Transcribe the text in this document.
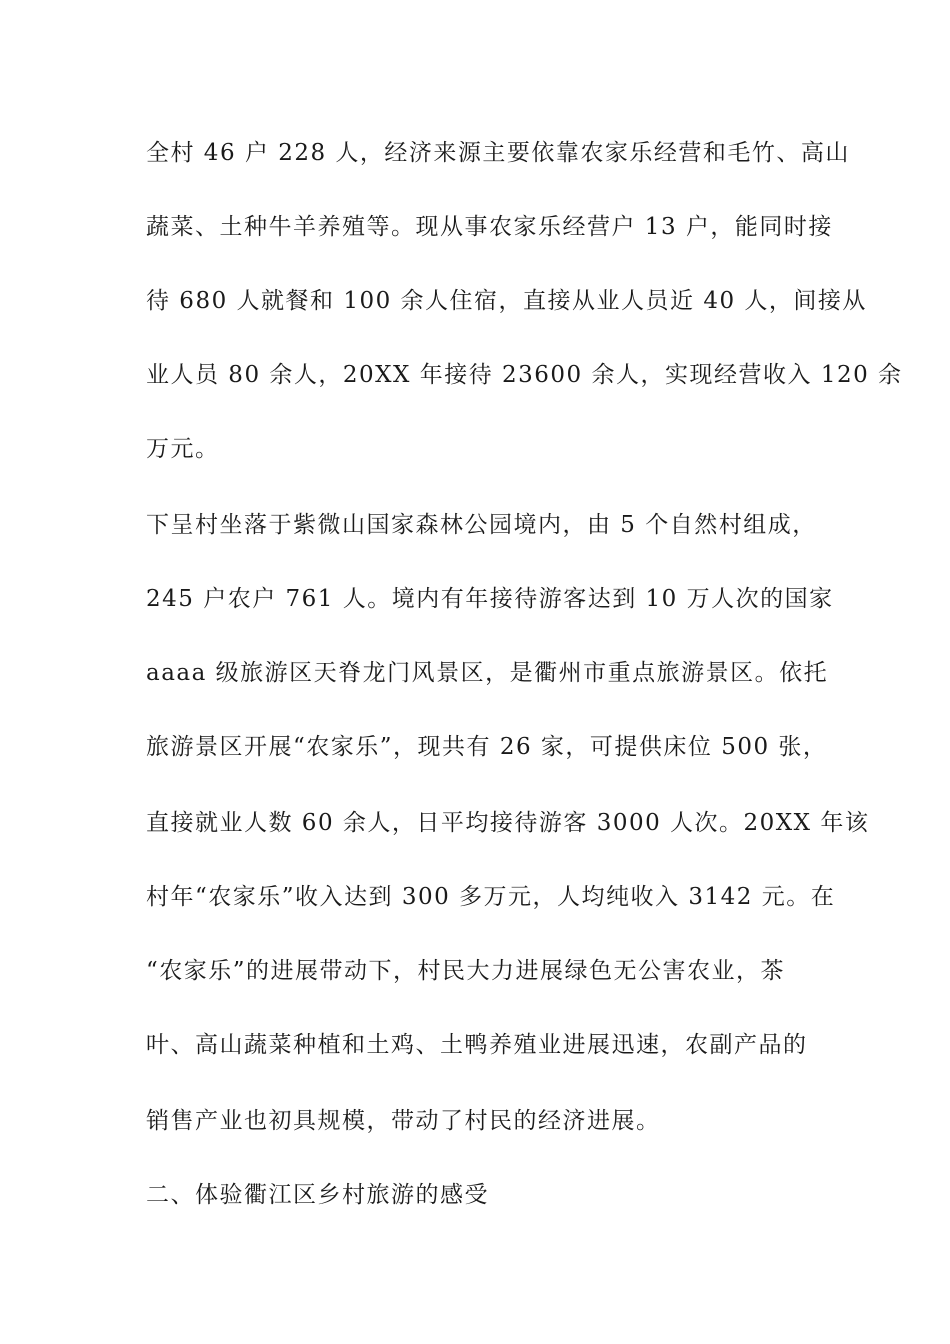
全村 46 户 228 人，经济来源主要依靠农家乐经营和毛竹、高山
蔬菜、土种牛羊养殖等。现从事农家乐经营户 13 户，能同时接
待 680 人就餐和 100 余人住宿，直接从业人员近 40 人，间接从
业人员 80 余人，20XX 年接待 23600 余人，实现经营收入 120 余
万元。
下呈村坐落于紫微山国家森林公园境内，由 5 个自然村组成，
245 户农户 761 人。境内有年接待游客达到 10 万人次的国家
aaaa 级旅游区天脊龙门风景区，是衢州市重点旅游景区。依托
旅游景区开展“农家乐”，现共有 26 家，可提供床位 500 张，
直接就业人数 60 余人，日平均接待游客 3000 人次。20XX 年该
村年“农家乐”收入达到 300 多万元，人均纯收入 3142 元。在
“农家乐”的进展带动下，村民大力进展绿色无公害农业，茶
叶、高山蔬菜种植和土鸡、土鸭养殖业进展迅速，农副产品的
销售产业也初具规模，带动了村民的经济进展。
二、体验衢江区乡村旅游的感受
